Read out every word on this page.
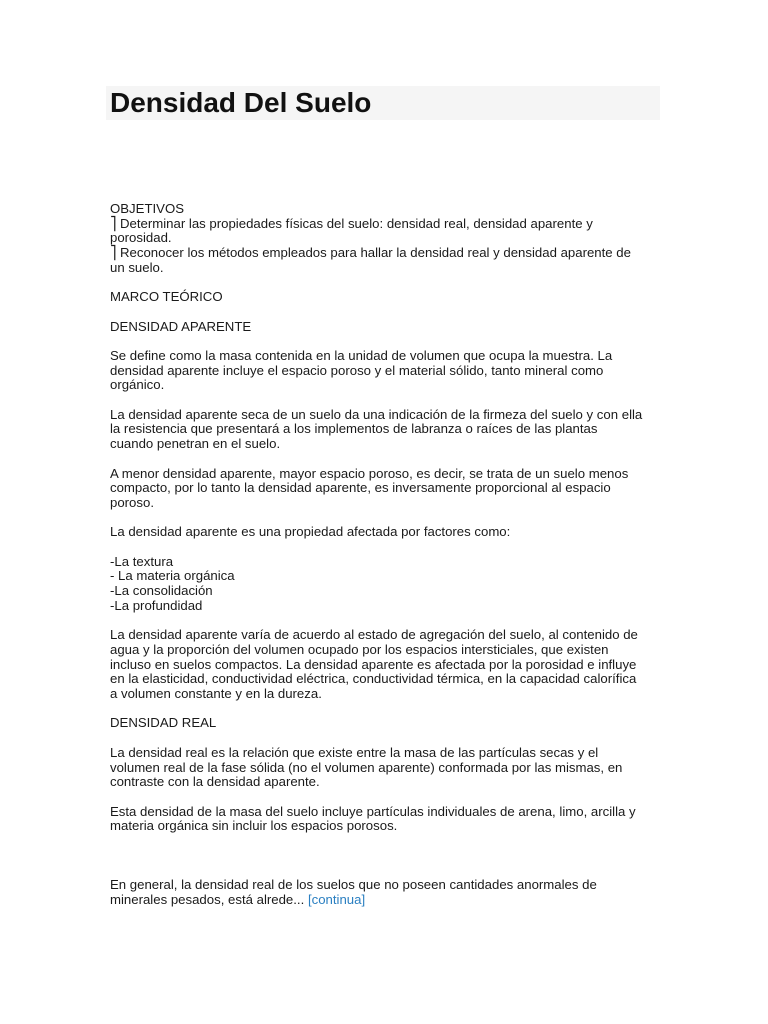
Densidad Del Suelo

OBJETIVOS

⎤ Determinar las propiedades físicas del suelo: densidad real, densidad aparente y
porosidad.

⎤ Reconocer los métodos empleados para hallar la densidad real y densidad aparente de
un suelo.

MARCO TEÓRICO

DENSIDAD APARENTE

Se define como la masa contenida en la unidad de volumen que ocupa la muestra. La
densidad aparente incluye el espacio poroso y el material sólido, tanto mineral como
orgánico.

La densidad aparente seca de un suelo da una indicación de la firmeza del suelo y con ella
la resistencia que presentará a los implementos de labranza o raíces de las plantas
cuando penetran en el suelo.

A menor densidad aparente, mayor espacio poroso, es decir, se trata de un suelo menos
compacto, por lo tanto la densidad aparente, es inversamente proporcional al espacio
poroso.

La densidad aparente es una propiedad afectada por factores como:

-La textura

- La materia orgánica

-La consolidación

-La profundidad

La densidad aparente varía de acuerdo al estado de agregación del suelo, al contenido de
agua y la proporción del volumen ocupado por los espacios intersticiales, que existen
incluso en suelos compactos. La densidad aparente es afectada por la porosidad e influye
en la elasticidad, conductividad eléctrica, conductividad térmica, en la capacidad calorífica
a volumen constante y en la dureza.

DENSIDAD REAL

La densidad real es la relación que existe entre la masa de las partículas secas y el
volumen real de la fase sólida (no el volumen aparente) conformada por las mismas, en
contraste con la densidad aparente.

Esta densidad de la masa del suelo incluye partículas individuales de arena, limo, arcilla y
materia orgánica sin incluir los espacios porosos.

En general, la densidad real de los suelos que no poseen cantidades anormales de
minerales pesados, está alrede... [continua]
